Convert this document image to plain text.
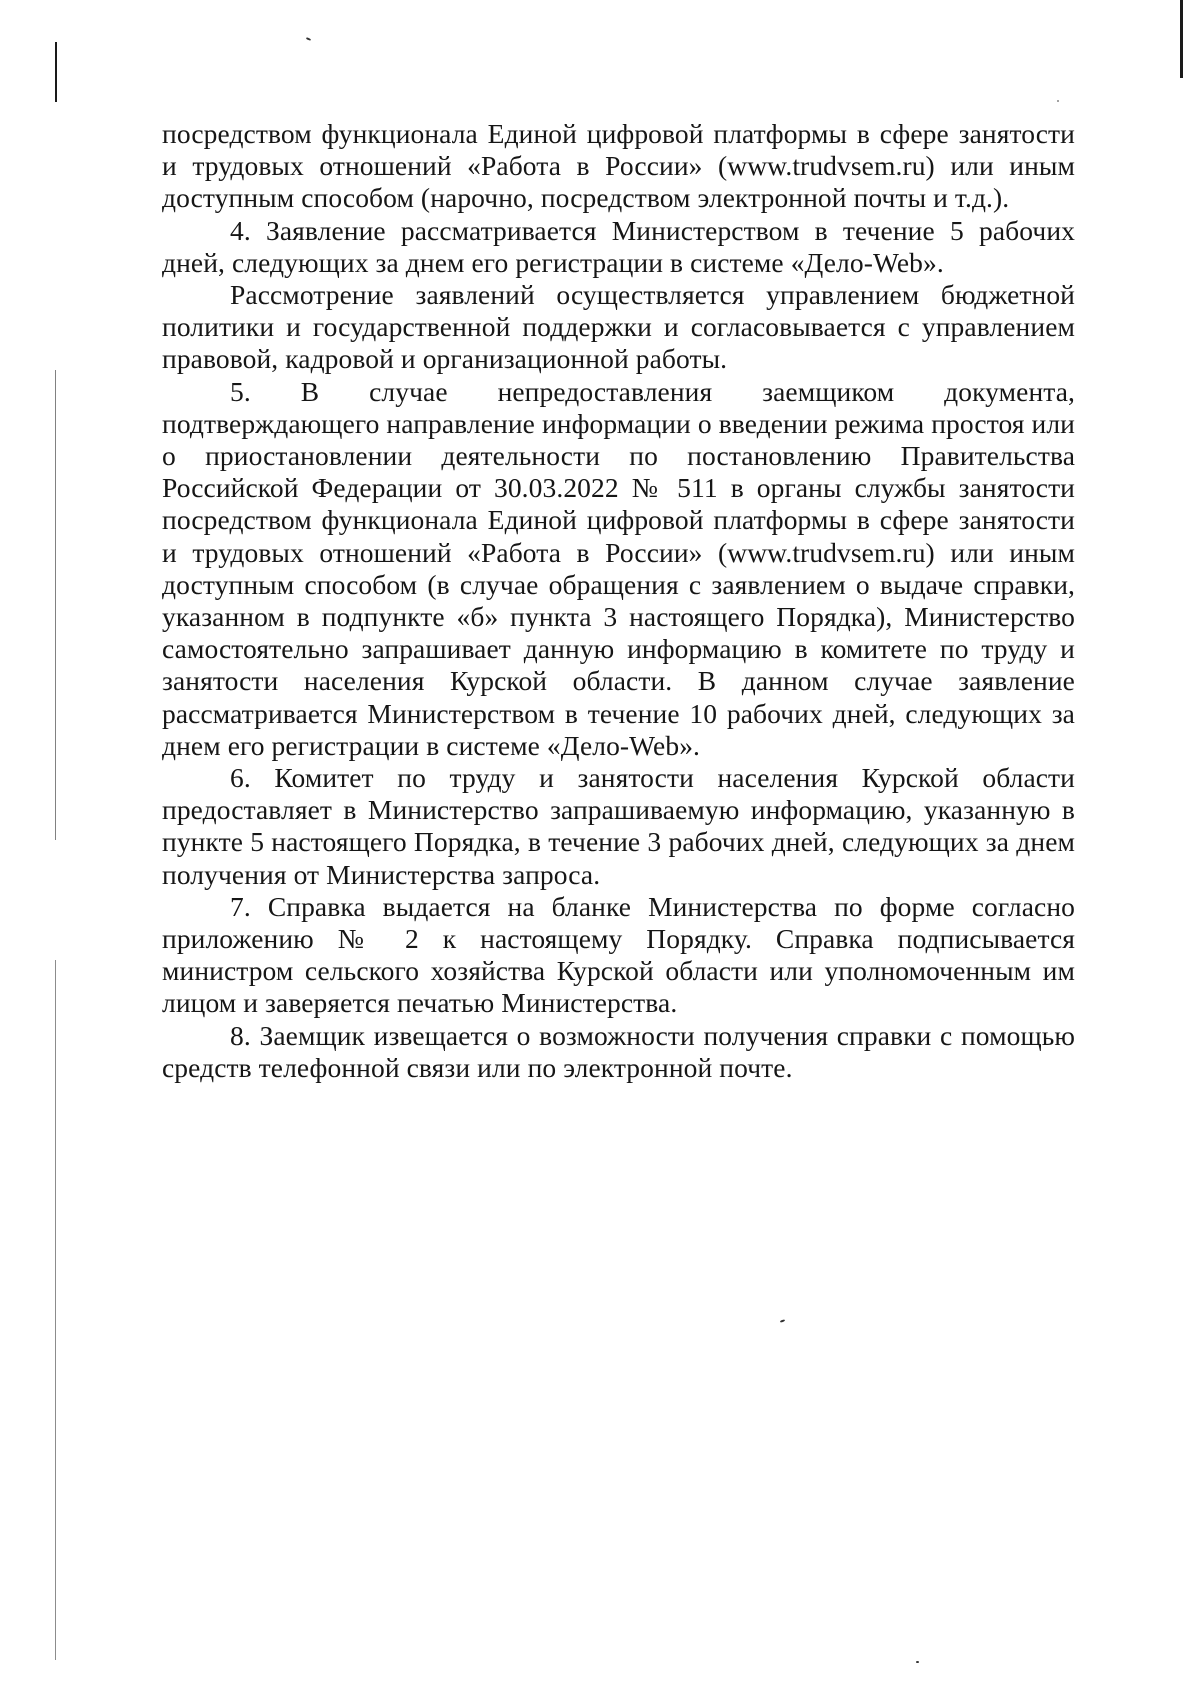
посредством функционала Единой цифровой платформы в сфере занятости и трудовых отношений «Работа в России» (www.trudvsem.ru) или иным доступным способом (нарочно, посредством электронной почты и т.д.).

4. Заявление рассматривается Министерством в течение 5 рабочих дней, следующих за днем его регистрации в системе «Дело-Web».

Рассмотрение заявлений осуществляется управлением бюджетной политики и государственной поддержки и согласовывается с управлением правовой, кадровой и организационной работы.

5. В случае непредоставления заемщиком документа, подтверждающего направление информации о введении режима простоя или о приостановлении деятельности по постановлению Правительства Российской Федерации от 30.03.2022 № 511 в органы службы занятости посредством функционала Единой цифровой платформы в сфере занятости и трудовых отношений «Работа в России» (www.trudvsem.ru) или иным доступным способом (в случае обращения с заявлением о выдаче справки, указанном в подпункте «б» пункта 3 настоящего Порядка), Министерство самостоятельно запрашивает данную информацию в комитете по труду и занятости населения Курской области. В данном случае заявление рассматривается Министерством в течение 10 рабочих дней, следующих за днем его регистрации в системе «Дело-Web».

6. Комитет по труду и занятости населения Курской области предоставляет в Министерство запрашиваемую информацию, указанную в пункте 5 настоящего Порядка, в течение 3 рабочих дней, следующих за днем получения от Министерства запроса.

7. Справка выдается на бланке Министерства по форме согласно приложению № 2 к настоящему Порядку. Справка подписывается министром сельского хозяйства Курской области или уполномоченным им лицом и заверяется печатью Министерства.

8. Заемщик извещается о возможности получения справки с помощью средств телефонной связи или по электронной почте.
